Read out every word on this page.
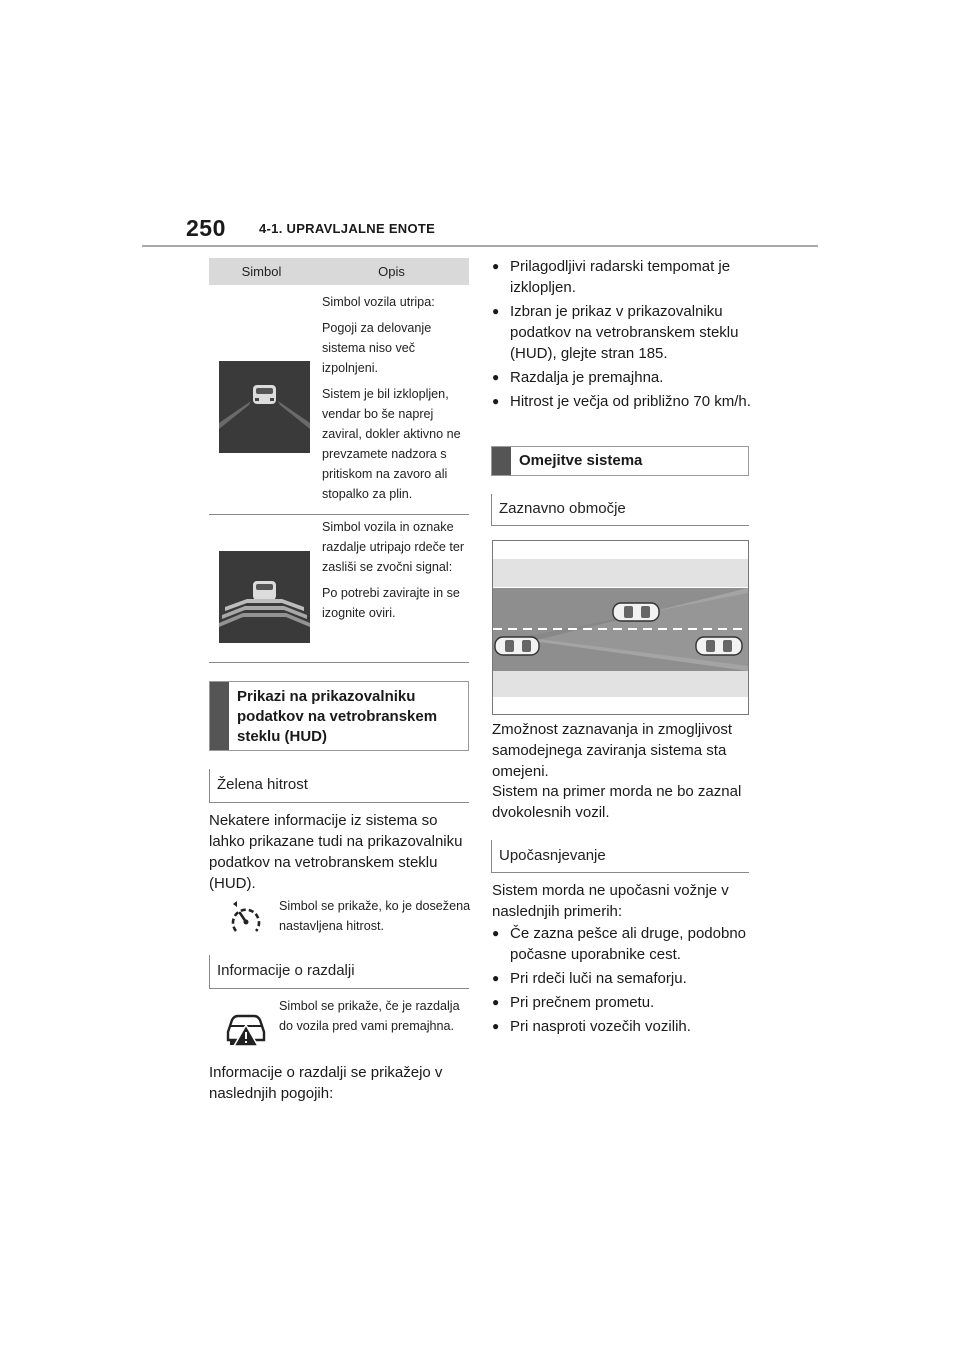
250	4-1. UPRAVLJALNE ENOTE
Simbol	Opis

Simbol vozila utripa:

Pogoji za delovanje sistema niso več izpolnjeni.

Sistem je bil izklopljen, vendar bo še naprej zaviral, dokler aktivno ne prevzamete nadzora s pritiskom na zavoro ali stopalko za plin.

Simbol vozila in oznake razdalje utripajo rdeče ter zasliši se zvočni signal:

Po potrebi zavirajte in se izognite oviri.

Prikazi na prikazovalniku podatkov na vetrobranskem steklu (HUD)
Želena hitrost
Nekatere informacije iz sistema so lahko prikazane tudi na prikazovalniku podatkov na vetrobranskem steklu (HUD).
Simbol se prikaže, ko je dosežena nastavljena hitrost.
Informacije o razdalji
Simbol se prikaže, če je razdalja do vozila pred vami premajhna.
Informacije o razdalji se prikažejo v naslednjih pogojih:
● Prilagodljivi radarski tempomat je izklopljen.
● Izbran je prikaz v prikazovalniku podatkov na vetrobranskem steklu (HUD), glejte stran 185.
● Razdalja je premajhna.
● Hitrost je večja od približno 70 km/h.
Omejitve sistema
Zaznavno območje
Zmožnost zaznavanja in zmogljivost samodejnega zaviranja sistema sta omejeni.
Sistem na primer morda ne bo zaznal dvokolesnih vozil.
Upočasnjevanje
Sistem morda ne upočasni vožnje v naslednjih primerih:
● Če zazna pešce ali druge, podobno počasne uporabnike cest.
● Pri rdeči luči na semaforju.
● Pri prečnem prometu.
● Pri nasproti vozečih vozilih.
